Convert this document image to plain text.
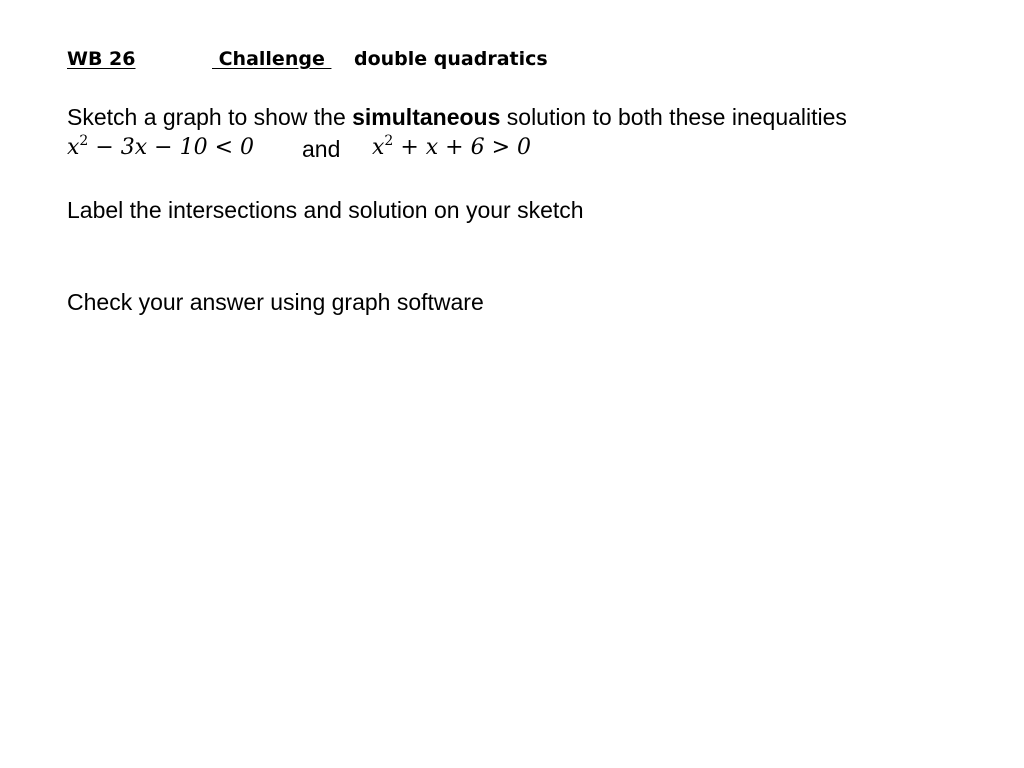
WB 26	Challenge double quadratics
Sketch a graph to show the simultaneous solution to both these inequalities
$x^2 - 3x - 10 < 0$ and $x^2 + x + 6 > 0$
Label the intersections and solution on your sketch
Check your answer using graph software
